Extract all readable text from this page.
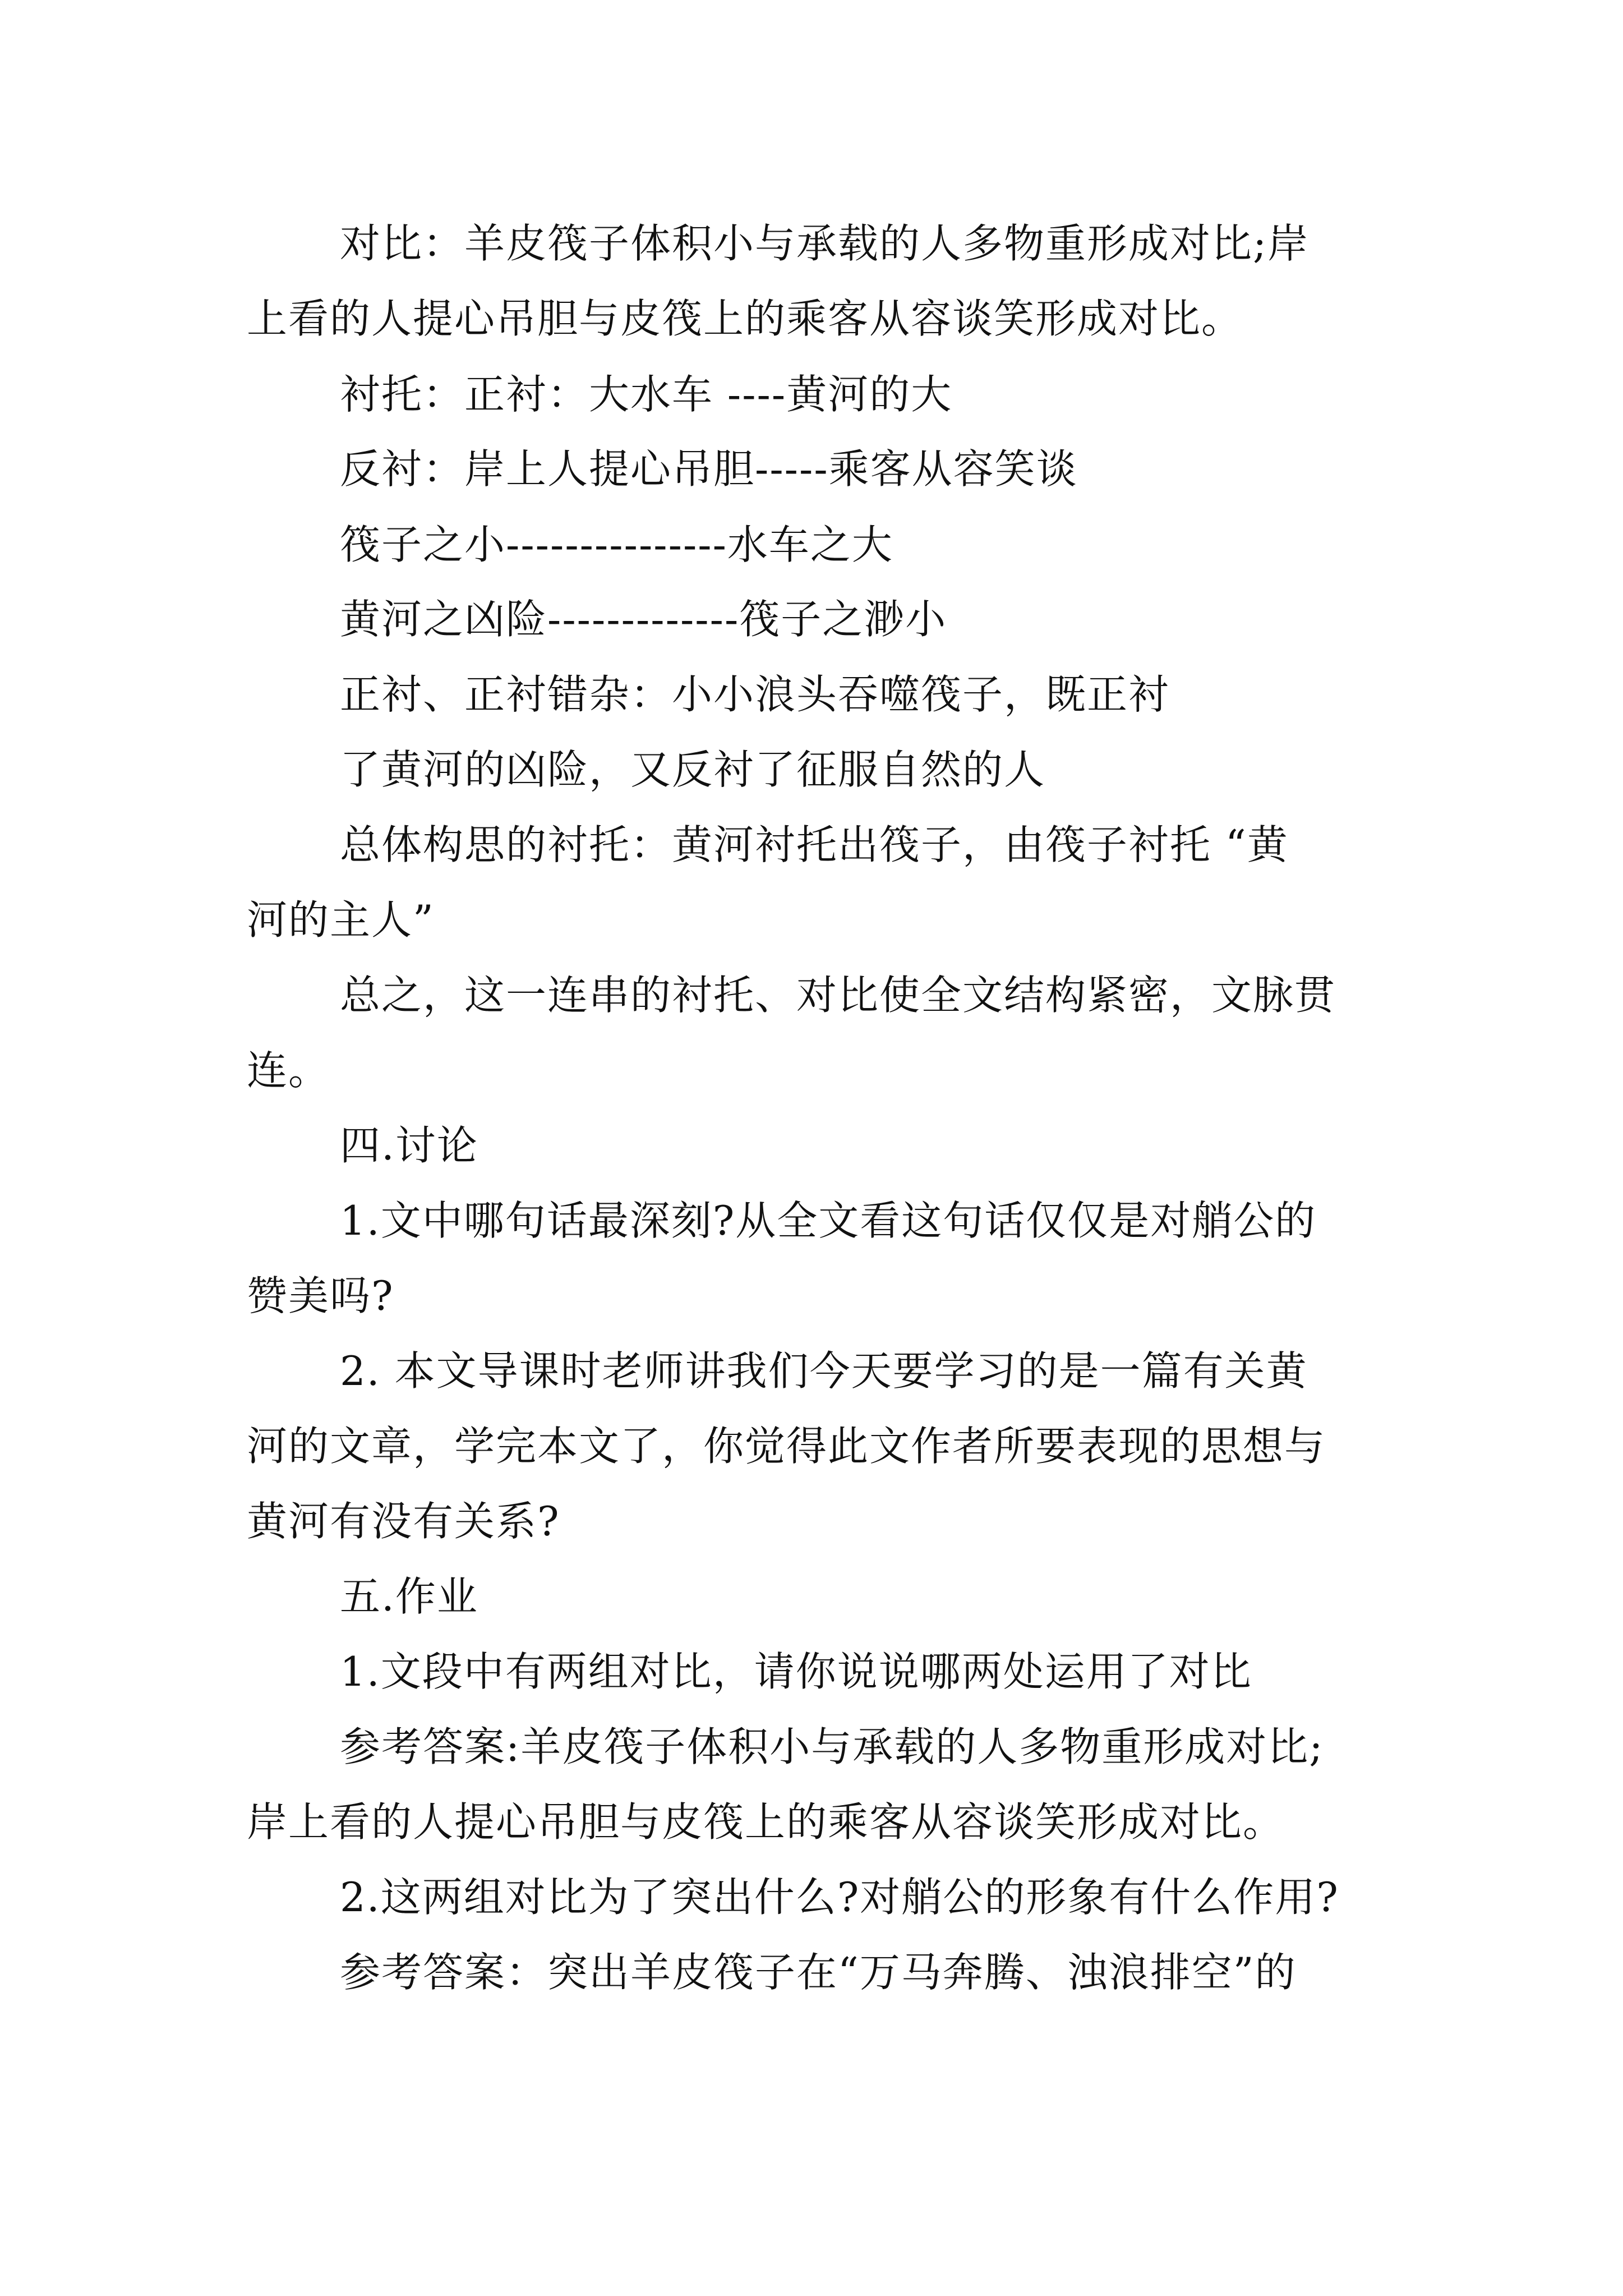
对比：羊皮筏子体积小与承载的人多物重形成对比;岸
上看的人提心吊胆与皮筏上的乘客从容谈笑形成对比。
衬托：正衬：大水车 ----黄河的大
反衬：岸上人提心吊胆-----乘客从容笑谈
筏子之小---------------水车之大
黄河之凶险-------------筏子之渺小
正衬、正衬错杂：小小浪头吞噬筏子，既正衬
了黄河的凶险，又反衬了征服自然的人
总体构思的衬托：黄河衬托出筏子，由筏子衬托 “黄
河的主人”
总之，这一连串的衬托、对比使全文结构紧密，文脉贯
连。
四.讨论
1.文中哪句话最深刻?从全文看这句话仅仅是对艄公的
赞美吗?
2. 本文导课时老师讲我们今天要学习的是一篇有关黄
河的文章，学完本文了，你觉得此文作者所要表现的思想与
黄河有没有关系?
五.作业
1.文段中有两组对比，请你说说哪两处运用了对比
参考答案:羊皮筏子体积小与承载的人多物重形成对比;
岸上看的人提心吊胆与皮筏上的乘客从容谈笑形成对比。
2.这两组对比为了突出什么?对艄公的形象有什么作用?
参考答案：突出羊皮筏子在“万马奔腾、浊浪排空”的
